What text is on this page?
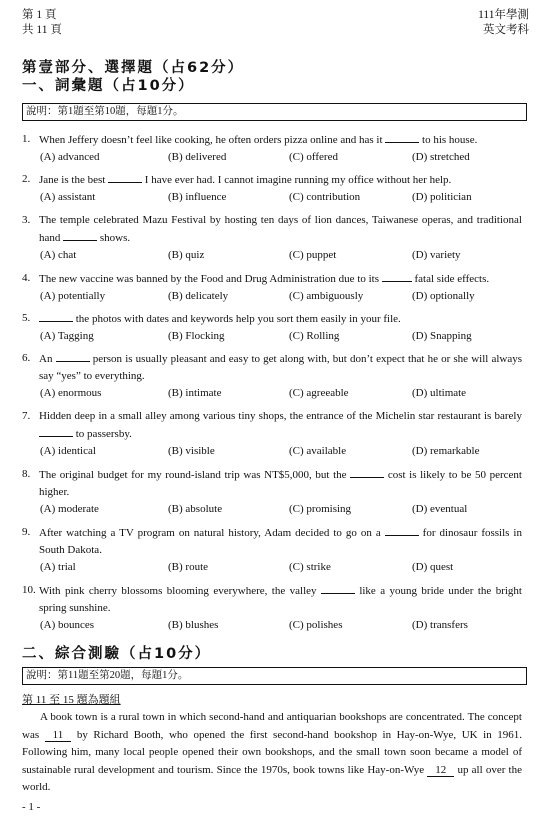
第 1 頁
共 11 頁
111年學測
英文考科
第壹部分、選擇題（占62分）
一、詞彙題（占10分）
說明：第1題至第10題，每題1分。
1. When Jeffery doesn’t feel like cooking, he often orders pizza online and has it	to his house.
(A) advanced	(B) delivered	(C) offered	(D) stretched
2. Jane is the best	I have ever had. I cannot imagine running my office without her help.
(A) assistant	(B) influence	(C) contribution	(D) politician
3. The temple celebrated Mazu Festival by hosting ten days of lion dances, Taiwanese operas, and traditional hand	shows.
(A) chat	(B) quiz	(C) puppet	(D) variety
4. The new vaccine was banned by the Food and Drug Administration due to its	fatal side effects.
(A) potentially	(B) delicately	(C) ambiguously	(D) optionally
5.	the photos with dates and keywords help you sort them easily in your file.
(A) Tagging	(B) Flocking	(C) Rolling	(D) Snapping
6. An	person is usually pleasant and easy to get along with, but don’t expect that he or she will always say “yes” to everything.
(A) enormous	(B) intimate	(C) agreeable	(D) ultimate
7. Hidden deep in a small alley among various tiny shops, the entrance of the Michelin star restaurant is barely  to passersby.
(A) identical	(B) visible	(C) available	(D) remarkable
8. The original budget for my round-island trip was NT$5,000, but the	cost is likely to be 50 percent higher.
(A) moderate	(B) absolute	(C) promising	(D) eventual
9. After watching a TV program on natural history, Adam decided to go on a	for dinosaur fossils in South Dakota.
(A) trial	(B) route	(C) strike	(D) quest
10. With pink cherry blossoms blooming everywhere, the valley	like a young bride under the bright spring sunshine.
(A) bounces	(B) blushes	(C) polishes	(D) transfers
二、綜合測驗（占10分）
說明：第11題至第20題，每題1分。
第 11 至 15 題為題組
A book town is a rural town in which second-hand and antiquarian bookshops are concentrated. The concept was 11 by Richard Booth, who opened the first second-hand bookshop in Hay-on-Wye, UK in 1961. Following him, many local people opened their own bookshops, and the small town soon became a model of sustainable rural development and tourism. Since the 1970s, book towns like Hay-on-Wye 12 up all over the world.
- 1 -
